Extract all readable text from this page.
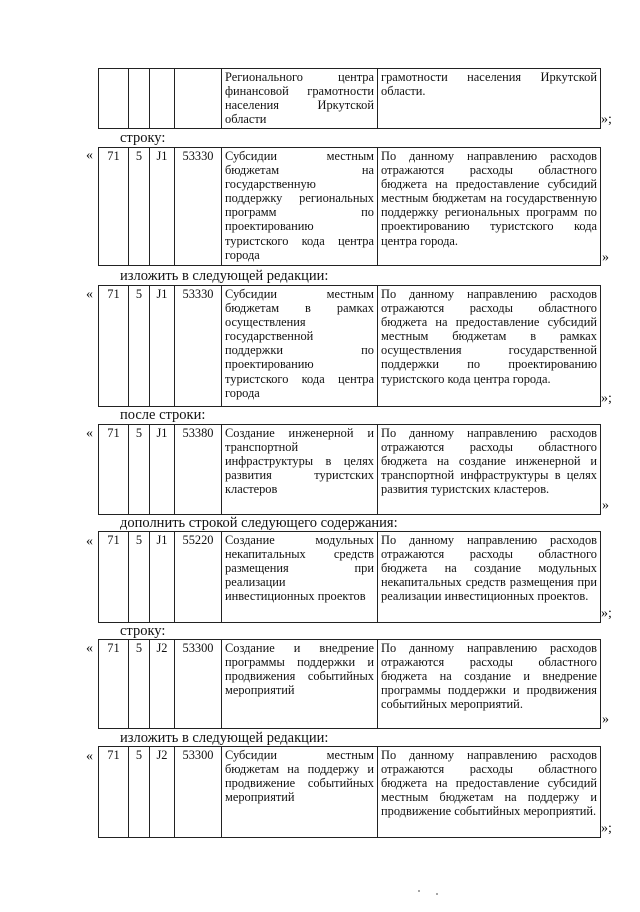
				Регионального центра финансовой грамотности населения Иркутской области	грамотности населения Иркутской области.
»;
строку:
« 71	5	J1	53330	Субсидии местным бюджетам на государственную поддержку региональных программ по проектированию туристского кода центра города	По данному направлению расходов отражаются расходы областного бюджета на предоставление субсидий местным бюджетам на государственную поддержку региональных программ по проектированию туристского кода центра города.
»
изложить в следующей редакции:
« 71	5	J1	53330	Субсидии местным бюджетам в рамках осуществления государственной поддержки по проектированию туристского кода центра города	По данному направлению расходов отражаются расходы областного бюджета на предоставление субсидий местным бюджетам в рамках осуществления государственной поддержки по проектированию туристского кода центра города.
»;
после строки:
« 71	5	J1	53380	Создание инженерной и транспортной инфраструктуры в целях развития туристских кластеров	По данному направлению расходов отражаются расходы областного бюджета на создание инженерной и транспортной инфраструктуры в целях развития туристских кластеров.
»
дополнить строкой следующего содержания:
« 71	5	J1	55220	Создание модульных некапитальных средств размещения при реализации инвестиционных проектов	По данному направлению расходов отражаются расходы областного бюджета на создание модульных некапитальных средств размещения при реализации инвестиционных проектов.
»;
строку:
« 71	5	J2	53300	Создание и внедрение программы поддержки и продвижения событийных мероприятий	По данному направлению расходов отражаются расходы областного бюджета на создание и внедрение программы поддержки и продвижения событийных мероприятий.
»
изложить в следующей редакции:
« 71	5	J2	53300	Субсидии местным бюджетам на поддержу и продвижение событийных мероприятий	По данному направлению расходов отражаются расходы областного бюджета на предоставление субсидий местным бюджетам на поддержу и продвижение событийных мероприятий.
»;
